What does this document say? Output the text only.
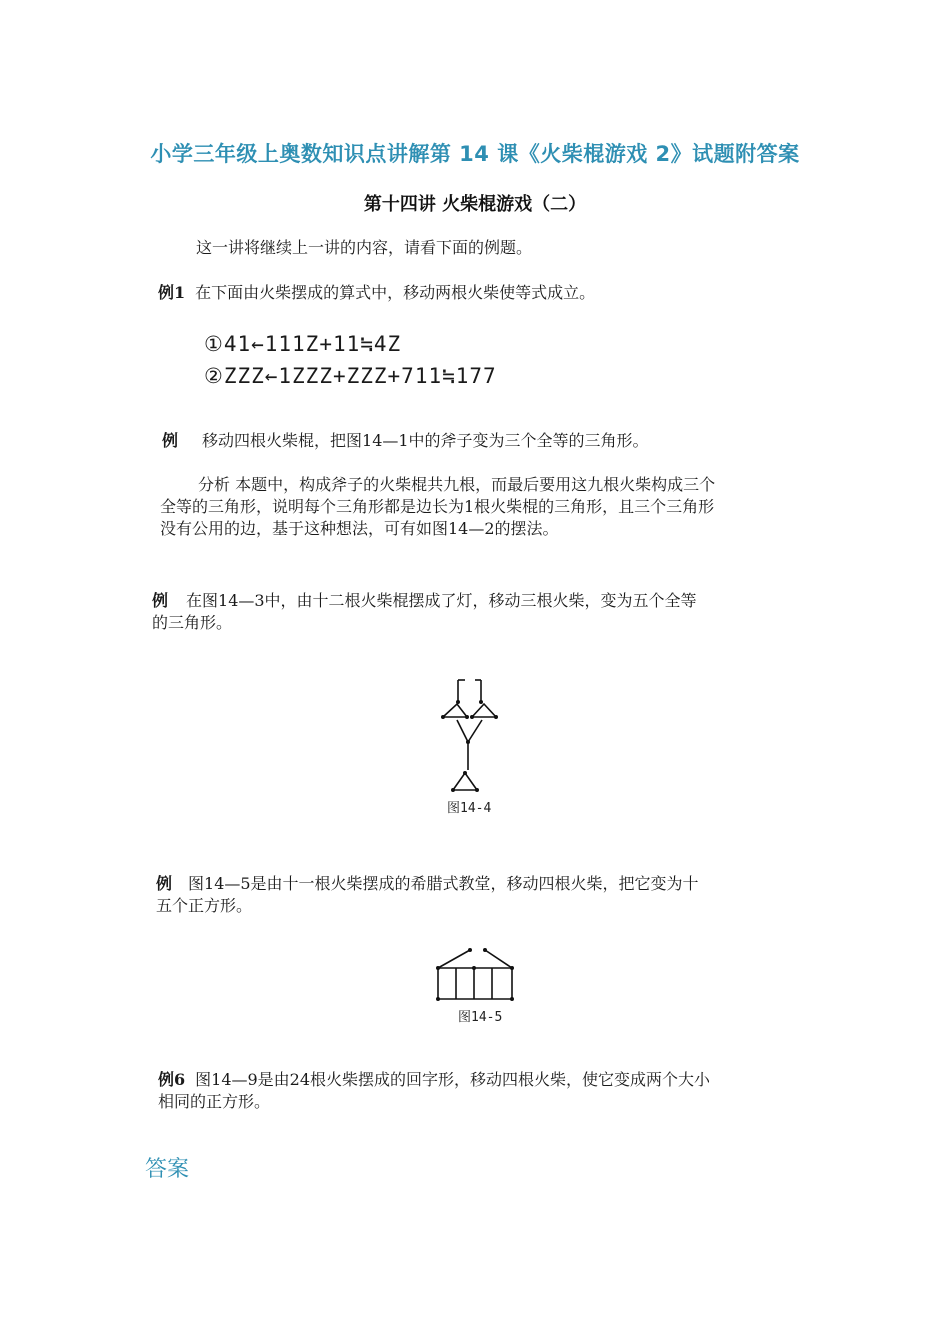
小学三年级上奥数知识点讲解第 14 课《火柴棍游戏 2》试题附答案
第十四讲 火柴棍游戏（二）
这一讲将继续上一讲的内容，请看下面的例题。
例1 在下面由火柴摆成的算式中，移动两根火柴使等式成立。
①41←111Z+11≒4Z
②ZZZ←1ZZZ+ZZZ+711≒177
例 移动四根火柴棍，把图14—1中的斧子变为三个全等的三角形。
分析 本题中，构成斧子的火柴棍共九根，而最后要用这九根火柴构成三个
全等的三角形，说明每个三角形都是边长为1根火柴棍的三角形，且三个三角形
没有公用的边，基于这种想法，可有如图14—2的摆法。
例 在图14—3中，由十二根火柴棍摆成了灯，移动三根火柴，变为五个全等
的三角形。
图14-4
例 图14—5是由十一根火柴摆成的希腊式教堂，移动四根火柴，把它变为十
五个正方形。
图14-5
例6 图14—9是由24根火柴摆成的回字形，移动四根火柴，使它变成两个大小
相同的正方形。
答案
